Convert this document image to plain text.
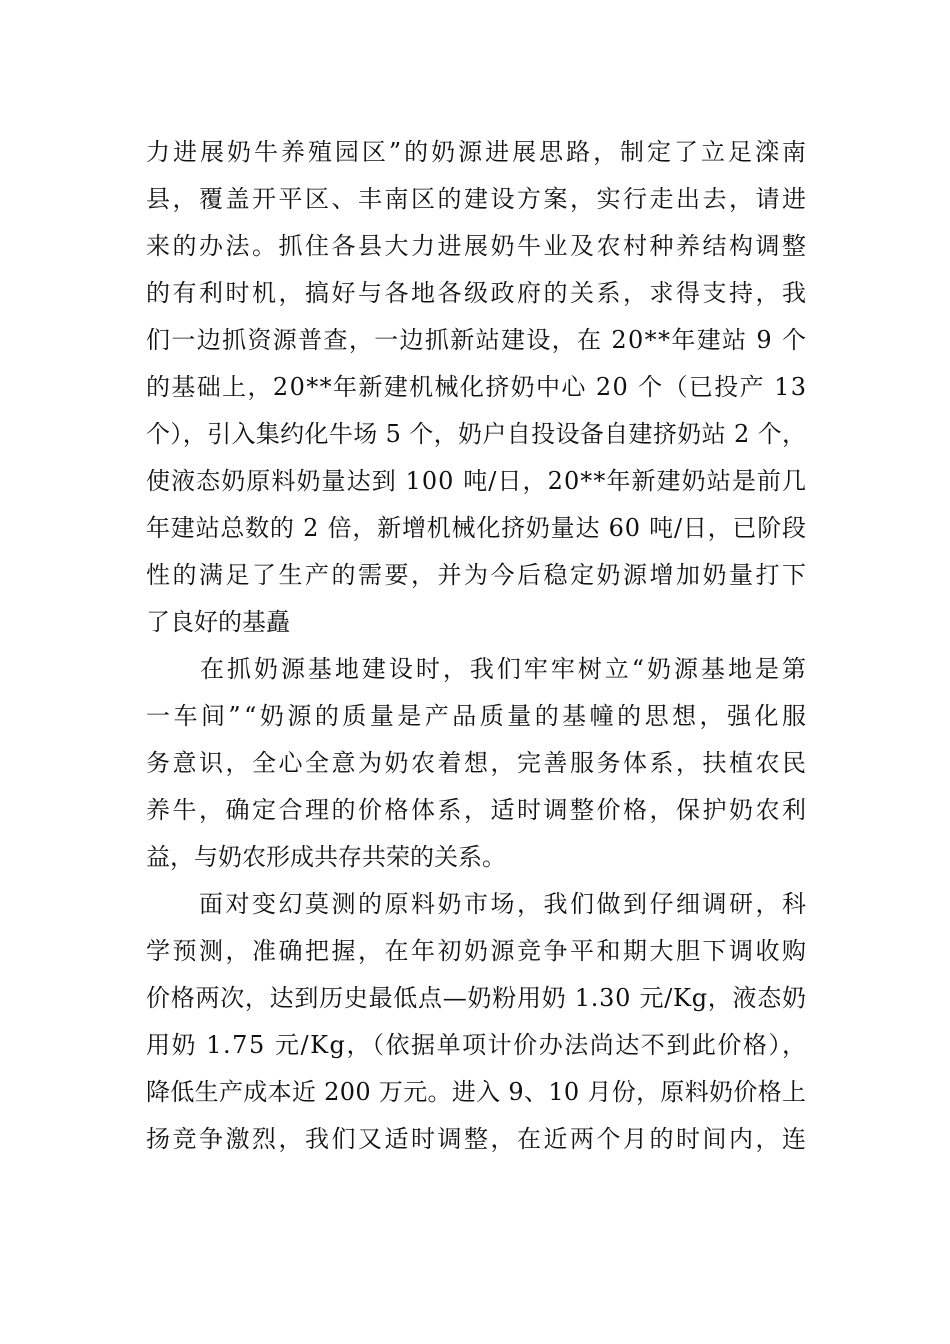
力进展奶牛养殖园区”的奶源进展思路，制定了立足滦南
县，覆盖开平区、丰南区的建设方案，实行走出去，请进
来的办法。抓住各县大力进展奶牛业及农村种养结构调整
的有利时机，搞好与各地各级政府的关系，求得支持，我
们一边抓资源普查，一边抓新站建设，在 20**年建站 9 个
的基础上，20**年新建机械化挤奶中心 20 个（已投产 13
个），引入集约化牛场 5 个，奶户自投设备自建挤奶站 2 个，
使液态奶原料奶量达到 100 吨/日，20**年新建奶站是前几
年建站总数的 2 倍，新增机械化挤奶量达 60 吨/日，已阶段
性的满足了生产的需要，并为今后稳定奶源增加奶量打下
了良好的基矗
　　在抓奶源基地建设时，我们牢牢树立“奶源基地是第
一车间”“奶源的质量是产品质量的基幢的思想，强化服
务意识，全心全意为奶农着想，完善服务体系，扶植农民
养牛，确定合理的价格体系，适时调整价格，保护奶农利
益，与奶农形成共存共荣的关系。
　　面对变幻莫测的原料奶市场，我们做到仔细调研，科
学预测，准确把握，在年初奶源竞争平和期大胆下调收购
价格两次，达到历史最低点—奶粉用奶 1.30 元/Kg，液态奶
用奶 1.75 元/Kg，（依据单项计价办法尚达不到此价格），
降低生产成本近 200 万元。进入 9、10 月份，原料奶价格上
扬竞争激烈，我们又适时调整，在近两个月的时间内，连
